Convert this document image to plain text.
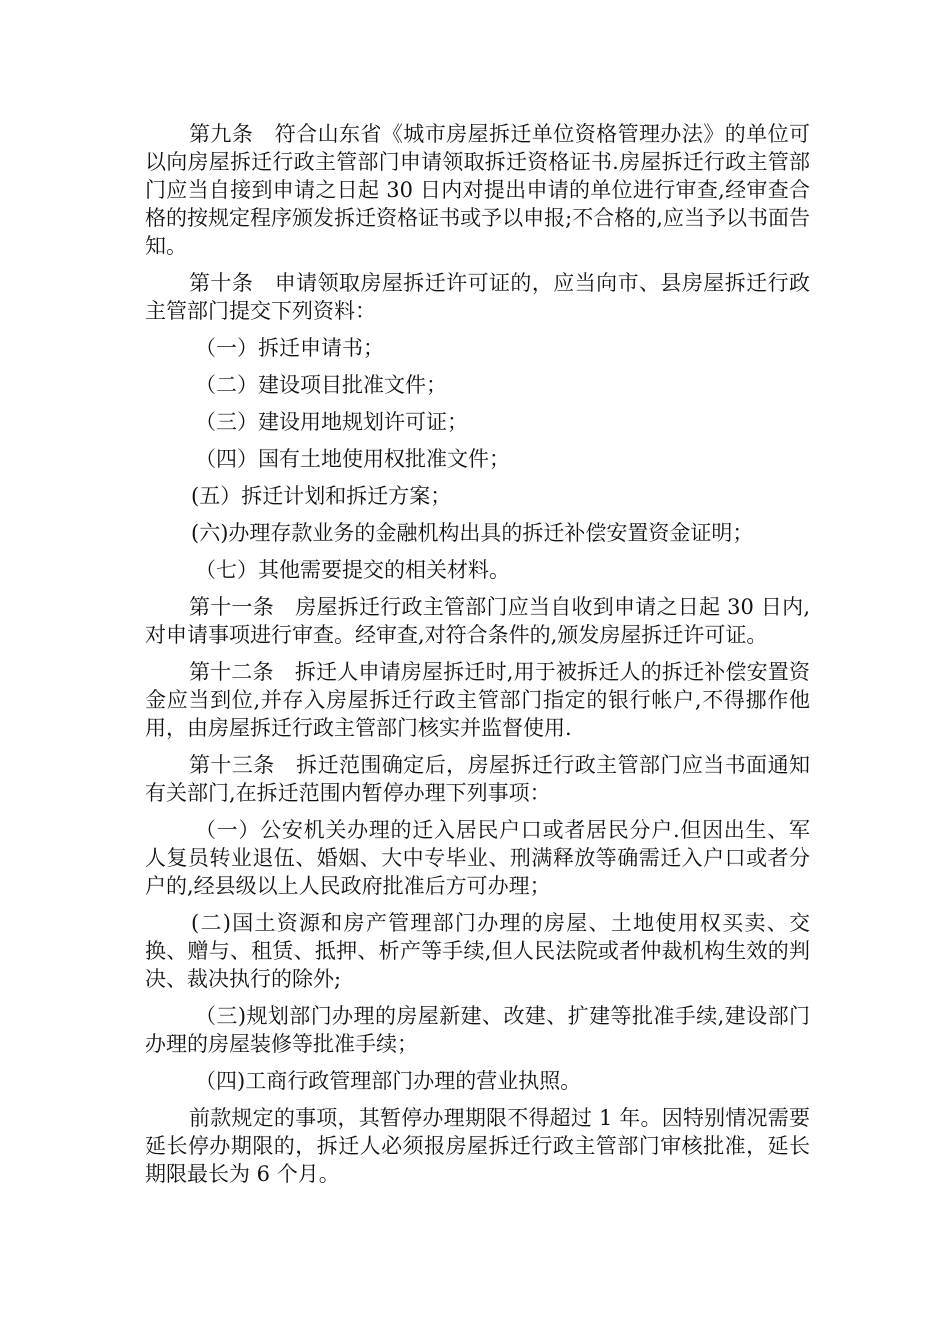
第九条　符合山东省《城市房屋拆迁单位资格管理办法》的单位可以向房屋拆迁行政主管部门申请领取拆迁资格证书.房屋拆迁行政主管部门应当自接到申请之日起 30 日内对提出申请的单位进行审查,经审查合格的按规定程序颁发拆迁资格证书或予以申报;不合格的,应当予以书面告知。

第十条　申请领取房屋拆迁许可证的，应当向市、县房屋拆迁行政主管部门提交下列资料：

（一）拆迁申请书；

（二）建设项目批准文件；

（三）建设用地规划许可证；

（四）国有土地使用权批准文件；

(五）拆迁计划和拆迁方案；

(六)办理存款业务的金融机构出具的拆迁补偿安置资金证明；

（七）其他需要提交的相关材料。

第十一条　房屋拆迁行政主管部门应当自收到申请之日起 30 日内,对申请事项进行审查。经审查,对符合条件的,颁发房屋拆迁许可证。

第十二条　拆迁人申请房屋拆迁时,用于被拆迁人的拆迁补偿安置资金应当到位,并存入房屋拆迁行政主管部门指定的银行帐户,不得挪作他用，由房屋拆迁行政主管部门核实并监督使用.

第十三条　拆迁范围确定后，房屋拆迁行政主管部门应当书面通知有关部门,在拆迁范围内暂停办理下列事项：

（一）公安机关办理的迁入居民户口或者居民分户.但因出生、军人复员转业退伍、婚姻、大中专毕业、刑满释放等确需迁入户口或者分户的,经县级以上人民政府批准后方可办理；

(二)国土资源和房产管理部门办理的房屋、土地使用权买卖、交换、赠与、租赁、抵押、析产等手续,但人民法院或者仲裁机构生效的判决、裁决执行的除外;

（三)规划部门办理的房屋新建、改建、扩建等批准手续,建设部门办理的房屋装修等批准手续；

（四)工商行政管理部门办理的营业执照。

前款规定的事项，其暂停办理期限不得超过 1 年。因特别情况需要延长停办期限的，拆迁人必须报房屋拆迁行政主管部门审核批准，延长期限最长为 6 个月。
